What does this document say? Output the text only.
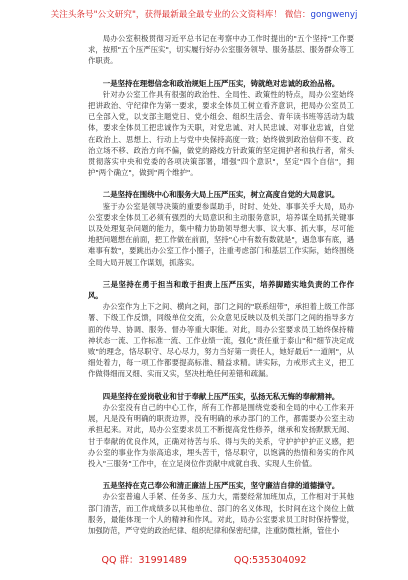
关注头条号"公文研究"，获得最新最全最专业的公文资料库！ 微信：gongwenyj

局办公室积极贯彻习近平总书记在考察中办工作时提出的"五个坚持"工作要求，按照"五个压严压实"，切实履行好办公室服务领导、服务基层、服务群众等工作职责。

一是坚持在理想信念和政治规矩上压严压实，铸就绝对忠诚的政治品格。

针对办公室工作具有很强的政治性、全局性、政策性的特点，局办公室始终把讲政治、守纪律作为第一要求，要求全体员工树立看齐意识，把局办公室员工已全部入党，以支部主题党日、党小组会、组织生活会、青年读书班等活动为载体，要求全体员工把忠诚作为天职，对党忠诚、对人民忠诚、对事业忠诚，自觉在政治上、思想上、行动上与党中央保持高度一致；始终做到政治信仰不变、政治立场不移、政治方向不偏，做党的路线方针政策的坚定拥护者和执行者，常头贯彻落实中央和党委的各项决策部署，增强"四个意识"，坚定"四个自信"，拥护"两个确立"，做到"两个维护"。

二是坚持在围绕中心和服务大局上压严压实，树立高度自觉的大局意识。

鉴于办公室是领导决策的重要参谋助手，时时、处处、事事关乎大局，局办公室要求全体员工必须有强烈的大局意识和主动服务意识，培养谋全局抓关键事以及处理复杂问题的能力，集中精力协助领导想大事、议大事、抓大事，尽可能地把问题想在前面，把工作做在前面，坚持"心中有数有数就是"，遇急事有底，遇难事有数"，要跳出办公室工作小圈子，注重考虑部门和基层工作实际，始终围绕全局大局开展工作谋划，抓落实。

三是坚持在勇于担当和敢于担责上压严压实，培养脚踏实地负责的工作作风。

办公室作为上下之间、横向之间，部门之间的"联系纽带"，承担着上级工作部署、下级工作反馈，同级单位交流，公众意见反映以及机关部门之间的指导多方面的传导、协调、服务、督办等重大职能。对此，局办公室要求员工始终保持精神状态一流、工作标准一流、工作业绩一流，强化"责任重于泰山"和"细节决定成败"的理念，恪尽职守、尽心尽力，努力当好第一责任人，她好最后"一道闸"，从细处着力，每一项工作都要提高标准、精益求精。讲实际，力戒形式主义，把工作做得细而又细、实而又实，坚决杜绝任何差错和疏漏。

四是坚持在爱岗敬业和甘于奉献上压严压实，弘扬无私无悔的奉献精神。

办公室没有自己的中心工作，所有工作都是围绕党委和全局的中心工作来开展，凡是没有明确的职责边界，没有明确的承办部门的工作，都需要办公室主动承担起来。对此，局办公室要求员工不断提高党性修养，继承和发扬默默无闻、甘于奉献的优良作风，正确对待苦与乐、得与失的关系，守护护护护正义感，把办公室的事业作为崇高追求，埋头苦干，恪尽职守，以饱满的热情和务实的作风投入"三服务"工作中，在立足岗位作贡献中成就自我、实现人生价值。

五是坚持在克己奉公和清正廉洁上压严压实，坚守廉洁自律的道德操守。

办公室普遍人手紧、任务多、压力大，需要经常加班加点，工作相对于其他部门清苦，而工作成绩多以其他单位、部门的名义体现，长时间在这个岗位上做服务，最能体现一个人的精神和作风。对此，局办公室要求员工时时保持警觉，加强防范，严守党的政治纪律、组织纪律和保密纪律，注重防微杜渐，管住小

QQ 群：31991489	QQ:535304092
